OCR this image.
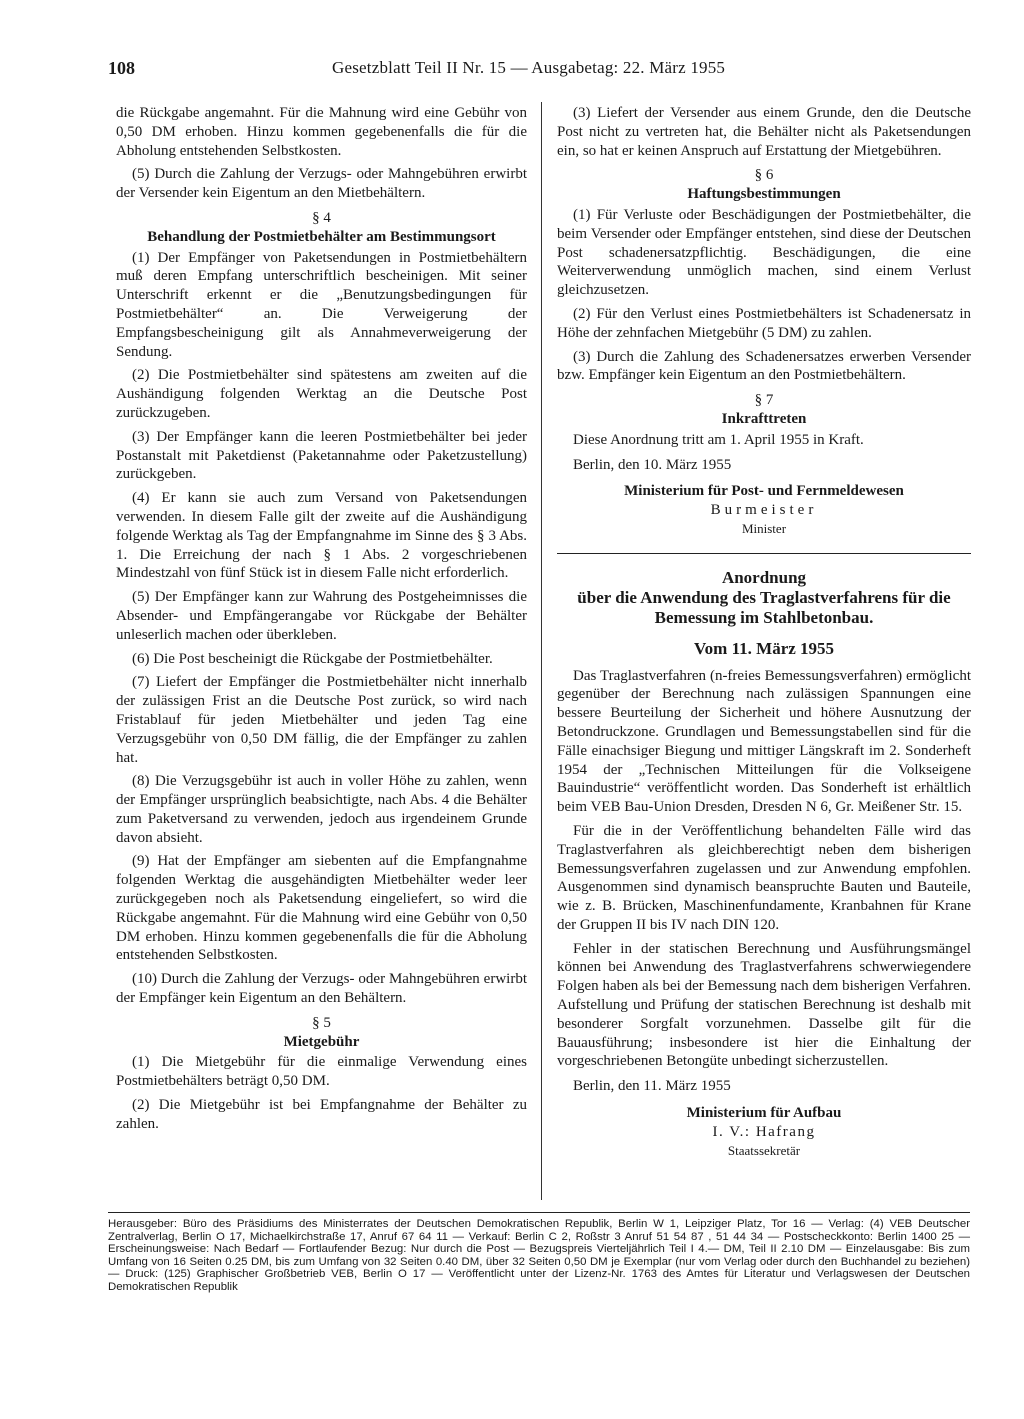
108	Gesetzblatt Teil II Nr. 15 — Ausgabetag: 22. März 1955

die Rückgabe angemahnt. Für die Mahnung wird eine Gebühr von 0,50 DM erhoben. Hinzu kommen gegebenenfalls die für die Abholung entstehenden Selbstkosten.

(5) Durch die Zahlung der Verzugs- oder Mahngebühren erwirbt der Versender kein Eigentum an den Mietbehältern.

§ 4

Behandlung der Postmietbehälter am Bestimmungsort

(1) Der Empfänger von Paketsendungen in Postmietbehältern muß deren Empfang unterschriftlich bescheinigen. Mit seiner Unterschrift erkennt er die „Benutzungsbedingungen für Postmietbehälter“ an. Die Verweigerung der Empfangsbescheinigung gilt als Annahmeverweigerung der Sendung.

(2) Die Postmietbehälter sind spätestens am zweiten auf die Aushändigung folgenden Werktag an die Deutsche Post zurückzugeben.

(3) Der Empfänger kann die leeren Postmietbehälter bei jeder Postanstalt mit Paketdienst (Paketannahme oder Paketzustellung) zurückgeben.

(4) Er kann sie auch zum Versand von Paketsendungen verwenden. In diesem Falle gilt der zweite auf die Aushändigung folgende Werktag als Tag der Empfangnahme im Sinne des § 3 Abs. 1. Die Erreichung der nach § 1 Abs. 2 vorgeschriebenen Mindestzahl von fünf Stück ist in diesem Falle nicht erforderlich.

(5) Der Empfänger kann zur Wahrung des Postgeheimnisses die Absender- und Empfängerangabe vor Rückgabe der Behälter unleserlich machen oder überkleben.

(6) Die Post bescheinigt die Rückgabe der Postmietbehälter.

(7) Liefert der Empfänger die Postmietbehälter nicht innerhalb der zulässigen Frist an die Deutsche Post zurück, so wird nach Fristablauf für jeden Mietbehälter und jeden Tag eine Verzugsgebühr von 0,50 DM fällig, die der Empfänger zu zahlen hat.

(8) Die Verzugsgebühr ist auch in voller Höhe zu zahlen, wenn der Empfänger ursprünglich beabsichtigte, nach Abs. 4 die Behälter zum Paketversand zu verwenden, jedoch aus irgendeinem Grunde davon absieht.

(9) Hat der Empfänger am siebenten auf die Empfangnahme folgenden Werktag die ausgehändigten Mietbehälter weder leer zurückgegeben noch als Paketsendung eingeliefert, so wird die Rückgabe angemahnt. Für die Mahnung wird eine Gebühr von 0,50 DM erhoben. Hinzu kommen gegebenenfalls die für die Abholung entstehenden Selbstkosten.

(10) Durch die Zahlung der Verzugs- oder Mahngebühren erwirbt der Empfänger kein Eigentum an den Behältern.

§ 5

Mietgebühr

(1) Die Mietgebühr für die einmalige Verwendung eines Postmietbehälters beträgt 0,50 DM.

(2) Die Mietgebühr ist bei Empfangnahme der Behälter zu zahlen.

(3) Liefert der Versender aus einem Grunde, den die Deutsche Post nicht zu vertreten hat, die Behälter nicht als Paketsendungen ein, so hat er keinen Anspruch auf Erstattung der Mietgebühren.

§ 6

Haftungsbestimmungen

(1) Für Verluste oder Beschädigungen der Postmietbehälter, die beim Versender oder Empfänger entstehen, sind diese der Deutschen Post schadenersatzpflichtig. Beschädigungen, die eine Weiterverwendung unmöglich machen, sind einem Verlust gleichzusetzen.

(2) Für den Verlust eines Postmietbehälters ist Schadenersatz in Höhe der zehnfachen Mietgebühr (5 DM) zu zahlen.

(3) Durch die Zahlung des Schadenersatzes erwerben Versender bzw. Empfänger kein Eigentum an den Postmietbehältern.

§ 7

Inkrafttreten

Diese Anordnung tritt am 1. April 1955 in Kraft.

Berlin, den 10. März 1955

Ministerium für Post- und Fernmeldewesen

Burmeister

Minister

Anordnung

über die Anwendung des Traglastverfahrens für die Bemessung im Stahlbetonbau.

Vom 11. März 1955

Das Traglastverfahren (n-freies Bemessungsverfahren) ermöglicht gegenüber der Berechnung nach zulässigen Spannungen eine bessere Beurteilung der Sicherheit und höhere Ausnutzung der Betondruckzone. Grundlagen und Bemessungstabellen sind für die Fälle einachsiger Biegung und mittiger Längskraft im 2. Sonderheft 1954 der „Technischen Mitteilungen für die Volkseigene Bauindustrie“ veröffentlicht worden. Das Sonderheft ist erhältlich beim VEB Bau-Union Dresden, Dresden N 6, Gr. Meißener Str. 15.

Für die in der Veröffentlichung behandelten Fälle wird das Traglastverfahren als gleichberechtigt neben dem bisherigen Bemessungsverfahren zugelassen und zur Anwendung empfohlen. Ausgenommen sind dynamisch beanspruchte Bauten und Bauteile, wie z. B. Brücken, Maschinenfundamente, Kranbahnen für Krane der Gruppen II bis IV nach DIN 120.

Fehler in der statischen Berechnung und Ausführungsmängel können bei Anwendung des Traglastverfahrens schwerwiegendere Folgen haben als bei der Bemessung nach dem bisherigen Verfahren. Aufstellung und Prüfung der statischen Berechnung ist deshalb mit besonderer Sorgfalt vorzunehmen. Dasselbe gilt für die Bauausführung; insbesondere ist hier die Einhaltung der vorgeschriebenen Betongüte unbedingt sicherzustellen.

Berlin, den 11. März 1955

Ministerium für Aufbau

I. V.: Hafrang

Staatssekretär

Herausgeber: Büro des Präsidiums des Ministerrates der Deutschen Demokratischen Republik, Berlin W 1, Leipziger Platz, Tor 16 — Verlag: (4) VEB Deutscher Zentralverlag, Berlin O 17, Michaelkirchstraße 17, Anruf 67 64 11 — Verkauf: Berlin C 2, Roßstr 3 Anruf 51 54 87 , 51 44 34 — Postscheckkonto: Berlin 1400 25 — Erscheinungsweise: Nach Bedarf — Fortlaufender Bezug: Nur durch die Post — Bezugspreis Vierteljährlich Teil I 4.— DM, Teil II 2.10 DM — Einzelausgabe: Bis zum Umfang von 16 Seiten 0.25 DM, bis zum Umfang von 32 Seiten 0.40 DM, über 32 Seiten 0,50 DM je Exemplar (nur vom Verlag oder durch den Buchhandel zu beziehen) — Druck: (125) Graphischer Großbetrieb VEB, Berlin O 17 — Veröffentlicht unter der Lizenz-Nr. 1763 des Amtes für Literatur und Verlagswesen der Deutschen Demokratischen Republik
